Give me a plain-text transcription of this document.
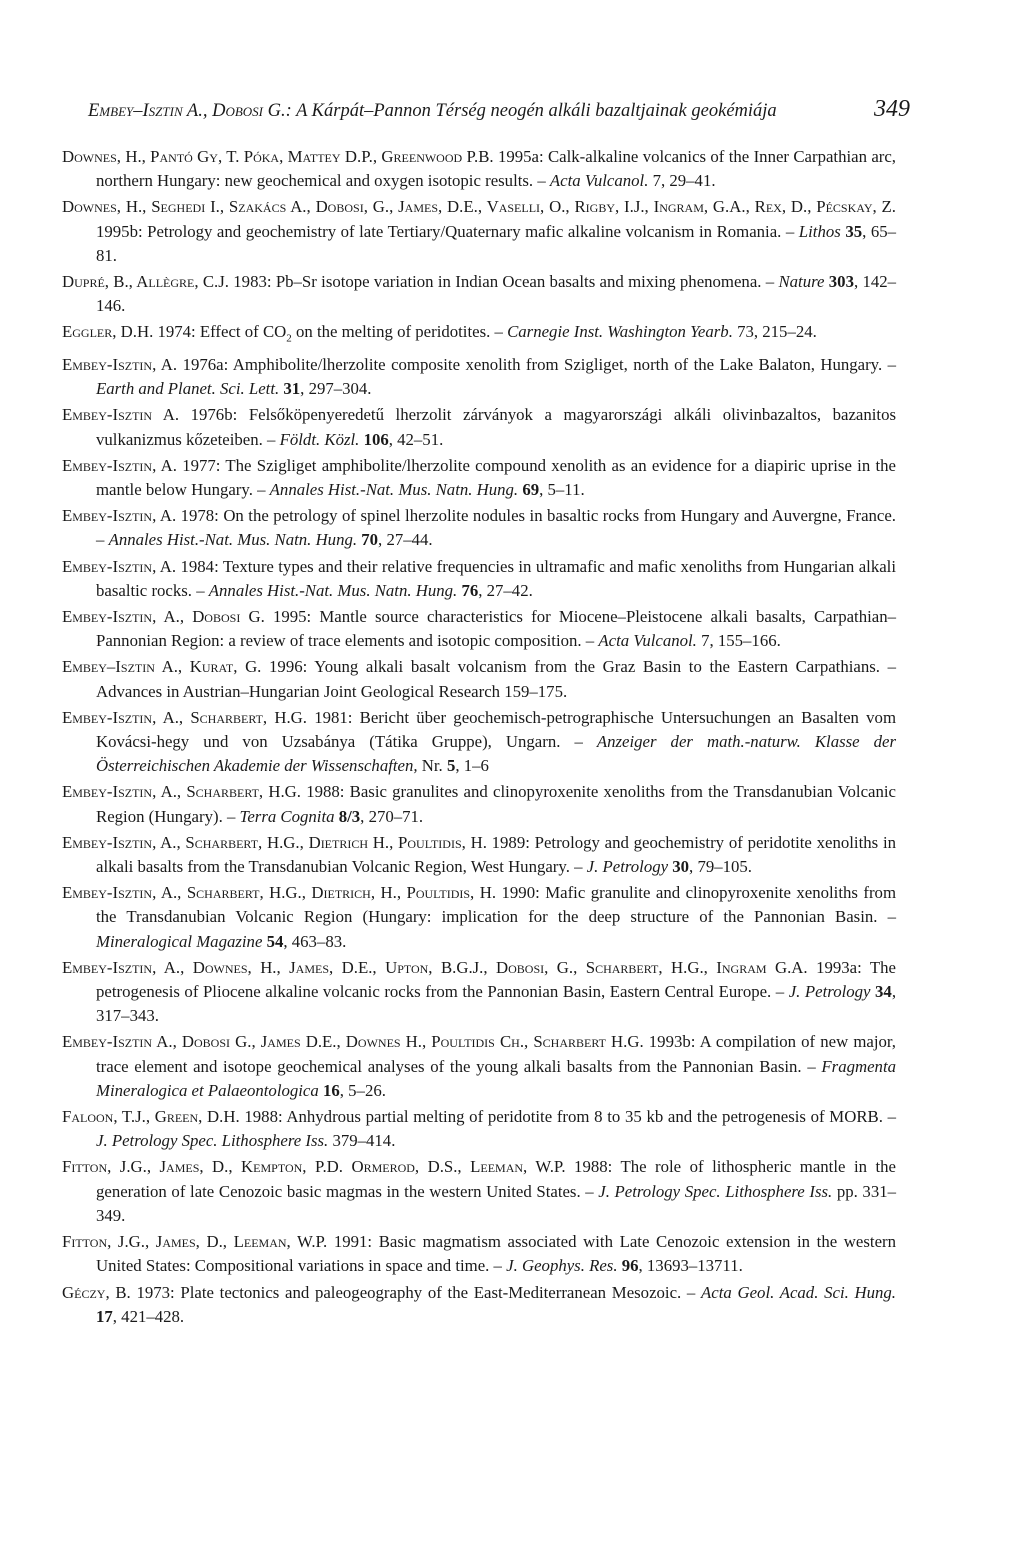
Embey–Isztin A., Dobosi G.: A Kárpát–Pannon Térség neogén alkáli bazaltjainak geokémiája	349

Downes, H., Pantó Gy, T. Póka, Mattey D.P., Greenwood P.B. 1995a: Calk-alkaline volcanics of the Inner Carpathian arc, northern Hungary: new geochemical and oxygen isotopic results. – Acta Vulcanol. 7, 29–41.

Downes, H., Seghedi I., Szakács A., Dobosi, G., James, D.E., Vaselli, O., Rigby, I.J., Ingram, G.A., Rex, D., Pécskay, Z. 1995b: Petrology and geochemistry of late Tertiary/Quaternary mafic alkaline volcanism in Romania. – Lithos 35, 65–81.

Dupré, B., Allègre, C.J. 1983: Pb–Sr isotope variation in Indian Ocean basalts and mixing phenomena. – Nature 303, 142–146.

Eggler, D.H. 1974: Effect of $CO_2$ on the melting of peridotites. – Carnegie Inst. Washington Yearb. 73, 215–24.

Embey-Isztin, A. 1976a: Amphibolite/lherzolite composite xenolith from Szigliget, north of the Lake Balaton, Hungary. – Earth and Planet. Sci. Lett. 31, 297–304.

Embey-Isztin A. 1976b: Felsőköpenyeredetű lherzolit zárványok a magyarországi alkáli olivinbazaltos, bazanitos vulkanizmus kőzeteiben. – Földt. Közl. 106, 42–51.

Embey-Isztin, A. 1977: The Szigliget amphibolite/lherzolite compound xenolith as an evidence for a diapiric uprise in the mantle below Hungary. – Annales Hist.-Nat. Mus. Natn. Hung. 69, 5–11.

Embey-Isztin, A. 1978: On the petrology of spinel lherzolite nodules in basaltic rocks from Hungary and Auvergne, France. – Annales Hist.-Nat. Mus. Natn. Hung. 70, 27–44.

Embey-Isztin, A. 1984: Texture types and their relative frequencies in ultramafic and mafic xenoliths from Hungarian alkali basaltic rocks. – Annales Hist.-Nat. Mus. Natn. Hung. 76, 27–42.

Embey-Isztin, A., Dobosi G. 1995: Mantle source characteristics for Miocene–Pleistocene alkali basalts, Carpathian–Pannonian Region: a review of trace elements and isotopic composition. – Acta Vulcanol. 7, 155–166.

Embey–Isztin A., Kurat, G. 1996: Young alkali basalt volcanism from the Graz Basin to the Eastern Carpathians. – Advances in Austrian–Hungarian Joint Geological Research 159–175.

Embey-Isztin, A., Scharbert, H.G. 1981: Bericht über geochemisch-petrographische Untersuchungen an Basalten vom Kovácsi-hegy und von Uzsabánya (Tátika Gruppe), Ungarn. – Anzeiger der math.-naturw. Klasse der Österreichischen Akademie der Wissenschaften, Nr. 5, 1–6

Embey-Isztin, A., Scharbert, H.G. 1988: Basic granulites and clinopyroxenite xenoliths from the Transdanubian Volcanic Region (Hungary). – Terra Cognita 8/3, 270–71.

Embey-Isztin, A., Scharbert, H.G., Dietrich H., Poultidis, H. 1989: Petrology and geochemistry of peridotite xenoliths in alkali basalts from the Transdanubian Volcanic Region, West Hungary. – J. Petrology 30, 79–105.

Embey-Isztin, A., Scharbert, H.G., Dietrich, H., Poultidis, H. 1990: Mafic granulite and clinopyroxenite xenoliths from the Transdanubian Volcanic Region (Hungary: implication for the deep structure of the Pannonian Basin. – Mineralogical Magazine 54, 463–83.

Embey-Isztin, A., Downes, H., James, D.E., Upton, B.G.J., Dobosi, G., Scharbert, H.G., Ingram G.A. 1993a: The petrogenesis of Pliocene alkaline volcanic rocks from the Pannonian Basin, Eastern Central Europe. – J. Petrology 34, 317–343.

Embey-Isztin A., Dobosi G., James D.E., Downes H., Poultidis Ch., Scharbert H.G. 1993b: A compilation of new major, trace element and isotope geochemical analyses of the young alkali basalts from the Pannonian Basin. – Fragmenta Mineralogica et Palaeontologica 16, 5–26.

Faloon, T.J., Green, D.H. 1988: Anhydrous partial melting of peridotite from 8 to 35 kb and the petrogenesis of MORB. – J. Petrology Spec. Lithosphere Iss. 379–414.

Fitton, J.G., James, D., Kempton, P.D. Ormerod, D.S., Leeman, W.P. 1988: The role of lithospheric mantle in the generation of late Cenozoic basic magmas in the western United States. – J. Petrology Spec. Lithosphere Iss. pp. 331–349.

Fitton, J.G., James, D., Leeman, W.P. 1991: Basic magmatism associated with Late Cenozoic extension in the western United States: Compositional variations in space and time. – J. Geophys. Res. 96, 13693–13711.

Géczy, B. 1973: Plate tectonics and paleogeography of the East-Mediterranean Mesozoic. – Acta Geol. Acad. Sci. Hung. 17, 421–428.
